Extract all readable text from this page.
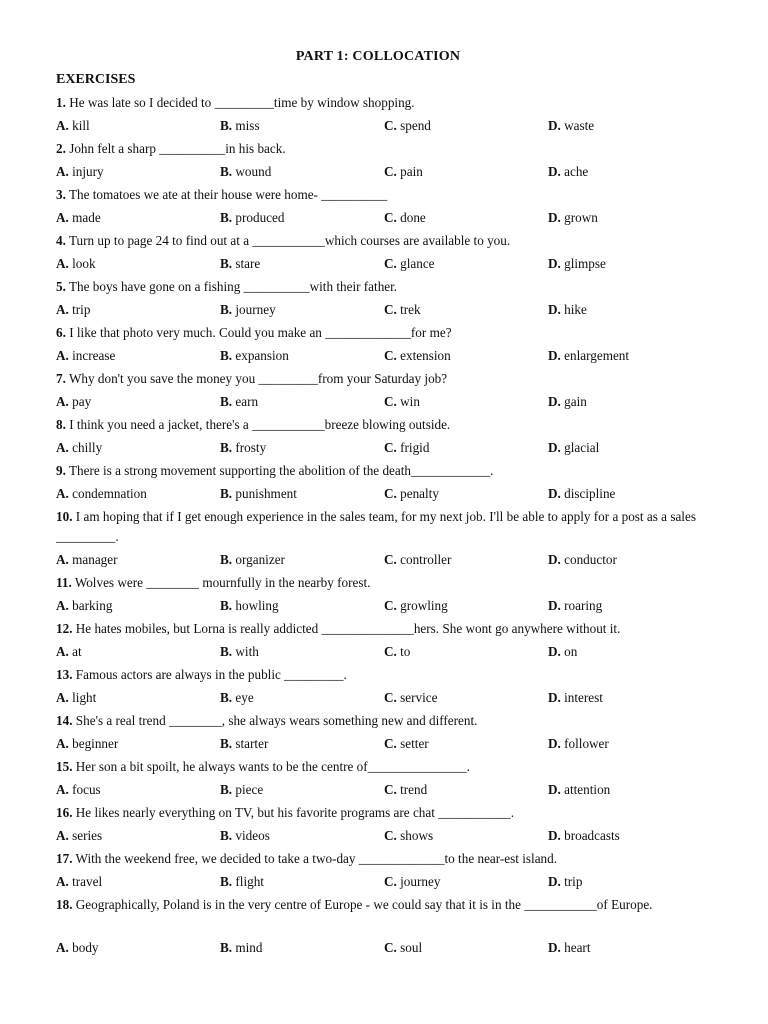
PART 1: COLLOCATION
EXERCISES
1. He was late so I decided to _________time by window shopping.
A. kill	B. miss	C. spend	D. waste
2. John felt a sharp __________in his back.
A. injury	B. wound	C. pain	D. ache
3. The tomatoes we ate at their house were home- __________
A. made	B. produced	C. done	D. grown
4. Turn up to page 24 to find out at a ___________which courses are available to you.
A. look	B. stare	C. glance	D. glimpse
5. The boys have gone on a fishing __________with their father.
A. trip	B. journey	C. trek	D. hike
6. I like that photo very much. Could you make an _____________for me?
A. increase	B. expansion	C. extension	D. enlargement
7. Why don't you save the money you _________from your Saturday job?
A. pay	B. earn	C. win	D. gain
8. I think you need a jacket, there's a ___________breeze blowing outside.
A. chilly	B. frosty	C. frigid	D. glacial
9. There is a strong movement supporting the abolition of the death____________.
A. condemnation	B. punishment	C. penalty	D. discipline
10. I am hoping that if I get enough experience in the sales team, for my next job. I'll be able to apply for a post as a sales _________.
A. manager	B. organizer	C. controller	D. conductor
11. Wolves were ________ mournfully in the nearby forest.
A. barking	B. howling	C. growling	D. roaring
12. He hates mobiles, but Lorna is really addicted ______________hers. She wont go anywhere without it.
A. at	B. with	C. to	D. on
13. Famous actors are always in the public _________.
A. light	B. eye	C. service	D. interest
14. She's a real trend ________, she always wears something new and different.
A. beginner	B. starter	C. setter	D. follower
15. Her son a bit spoilt, he always wants to be the centre of_______________.
A. focus	B. piece	C. trend	D. attention
16. He likes nearly everything on TV, but his favorite programs are chat ___________.
A. series	B. videos	C. shows	D. broadcasts
17. With the weekend free, we decided to take a two-day _____________to the near-est island.
A. travel	B. flight	C. journey	D. trip
18. Geographically, Poland is in the very centre of Europe - we could say that it is in the ___________of Europe.
A. body	B. mind	C. soul	D. heart
